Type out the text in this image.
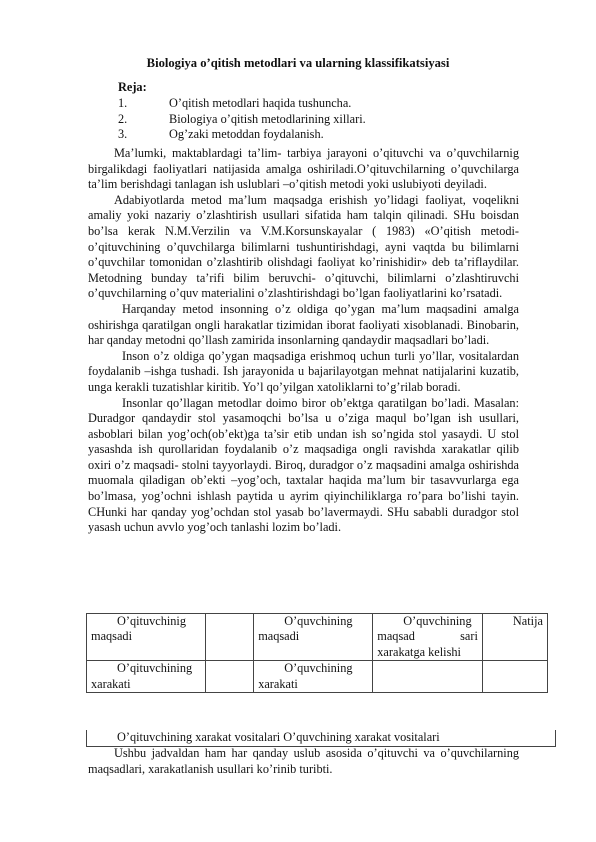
Biologiya o’qitish metodlari va ularning klassifikatsiyasi
Reja:
1.	O’qitish metodlari haqida tushuncha.
2.	Biologiya o’qitish metodlarining xillari.
3.	Og’zaki metoddan foydalanish.

Ma’lumki, maktablardagi ta’lim- tarbiya jarayoni o’qituvchi va o’quvchilarnig birgalikdagi faoliyatlari natijasida amalga oshiriladi.O’qituvchilarning o’quvchilarga ta’lim berishdagi tanlagan ish uslublari –o’qitish metodi yoki uslubiyoti deyiladi.

Adabiyotlarda metod ma’lum maqsadga erishish yo’lidagi faoliyat, voqelikni amaliy yoki nazariy o’zlashtirish usullari sifatida ham talqin qilinadi. SHu boisdan bo’lsa kerak N.M.Verzilin va V.M.Korsunskayalar ( 1983) «O’qitish metodi- o’qituvchining o’quvchilarga bilimlarni tushuntirishdagi, ayni vaqtda bu bilimlarni o’quvchilar tomonidan o’zlashtirib olishdagi faoliyat ko’rinishidir» deb ta’riflaydilar. Metodning bunday ta’rifi bilim beruvchi- o’qituvchi, bilimlarni o’zlashtiruvchi o’quvchilarning o’quv materialini o’zlashtirishdagi bo’lgan faoliyatlarini ko’rsatadi.

Harqanday metod insonning o’z oldiga qo’ygan ma’lum maqsadini amalga oshirishga qaratilgan ongli harakatlar tizimidan iborat faoliyati xisoblanadi. Binobarin, har qanday metodni qo’llash zamirida insonlarning qandaydir maqsadlari bo’ladi.

Inson o’z oldiga qo’ygan maqsadiga erishmoq uchun turli yo’llar, vositalardan foydalanib –ishga tushadi. Ish jarayonida u bajarilayotgan mehnat natijalarini kuzatib, unga kerakli tuzatishlar kiritib. Yo’l qo’yilgan xatoliklarni to’g’rilab boradi.

Insonlar qo’llagan metodlar doimo biror ob’ektga qaratilgan bo’ladi. Masalan: Duradgor qandaydir stol yasamoqchi bo’lsa u o’ziga maqul bo’lgan ish usullari, asboblari bilan yog’och(ob’ekt)ga ta’sir etib undan ish so’ngida stol yasaydi. U stol yasashda ish qurollaridan foydalanib o’z maqsadiga ongli ravishda xarakatlar qilib oxiri o’z maqsadi- stolni tayyorlaydi. Biroq, duradgor o’z maqsadini amalga oshirishda muomala qiladigan ob’ekti –yog’och, taxtalar haqida ma’lum bir tasavvurlarga ega bo’lmasa, yog’ochni ishlash paytida u ayrim qiyinchiliklarga ro’para bo’lishi tayin. CHunki har qanday yog’ochdan stol yasab bo’lavermaydi. SHu sababli duradgor stol yasash uchun avvlo yog’och tanlashi lozim bo’ladi.

O’qituvchinig maqsadi		O’quvchining maqsadi	O’quvchining maqsad sari xarakatga kelishi	Natija
O’qituvchining xarakati		O’quvchining xarakati		
O’qituvchining xarakat vositalari O’quvchining xarakat vositalari

Ushbu jadvaldan ham har qanday uslub asosida o’qituvchi va o’quvchilarning maqsadlari, xarakatlanish usullari ko’rinib turibti.
